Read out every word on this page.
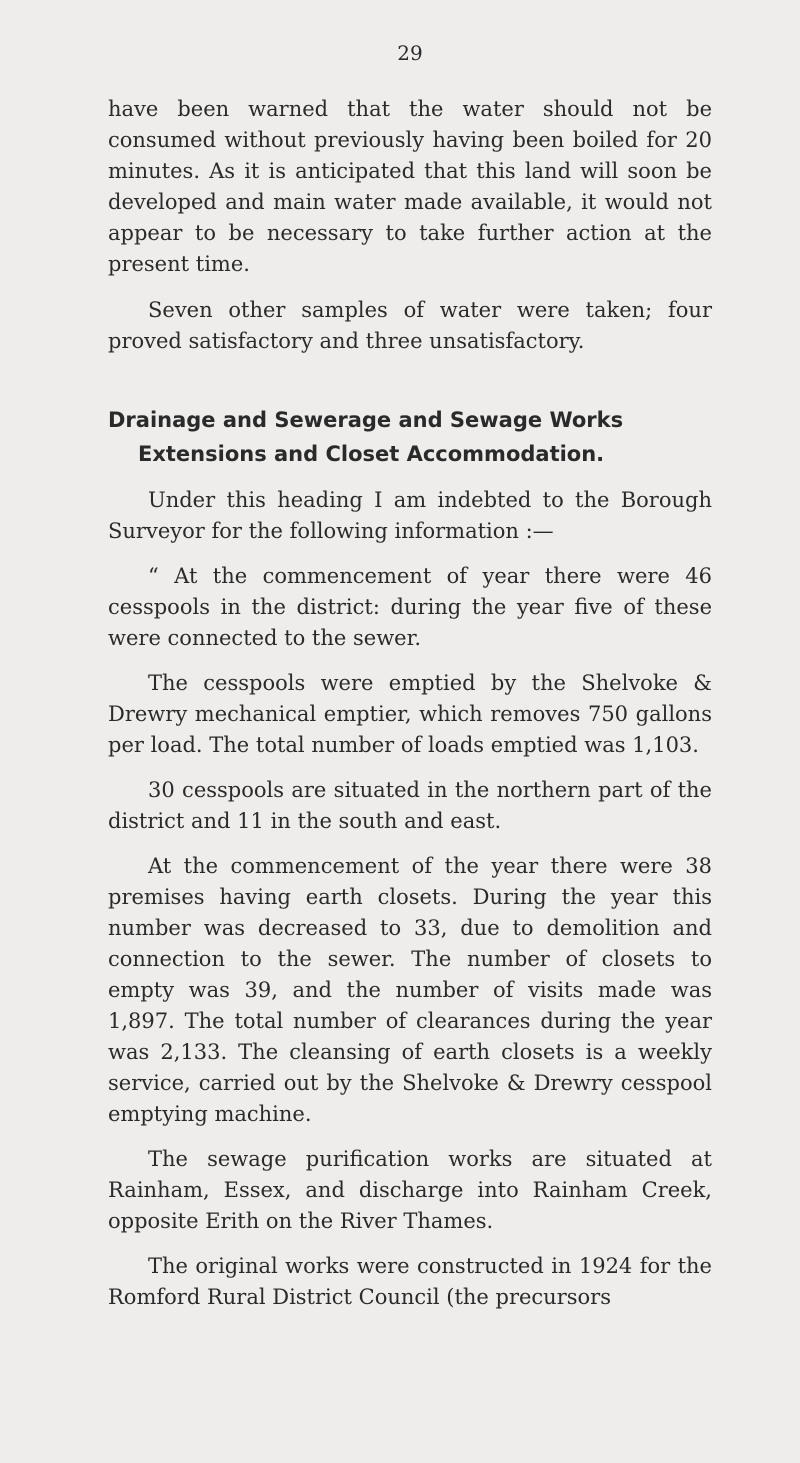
29

have been warned that the water should not be consumed without previously having been boiled for 20 minutes. As it is anticipated that this land will soon be developed and main water made available, it would not appear to be necessary to take further action at the present time.

Seven other samples of water were taken; four proved satisfactory and three unsatisfactory.

Drainage and Sewerage and Sewage Works
Extensions and Closet Accommodation.

Under this heading I am indebted to the Borough Surveyor for the following information :—

“ At the commencement of year there were 46 cesspools in the district: during the year five of these were connected to the sewer.

The cesspools were emptied by the Shelvoke & Drewry mechanical emptier, which removes 750 gallons per load. The total number of loads emptied was 1,103.

30 cesspools are situated in the northern part of the district and 11 in the south and east.

At the commencement of the year there were 38 premises having earth closets. During the year this number was decreased to 33, due to demolition and connection to the sewer. The number of closets to empty was 39, and the number of visits made was 1,897. The total number of clearances during the year was 2,133. The cleansing of earth closets is a weekly service, carried out by the Shelvoke & Drewry cesspool emptying machine.

The sewage purification works are situated at Rainham, Essex, and discharge into Rainham Creek, opposite Erith on the River Thames.

The original works were constructed in 1924 for the Romford Rural District Council (the precursors
